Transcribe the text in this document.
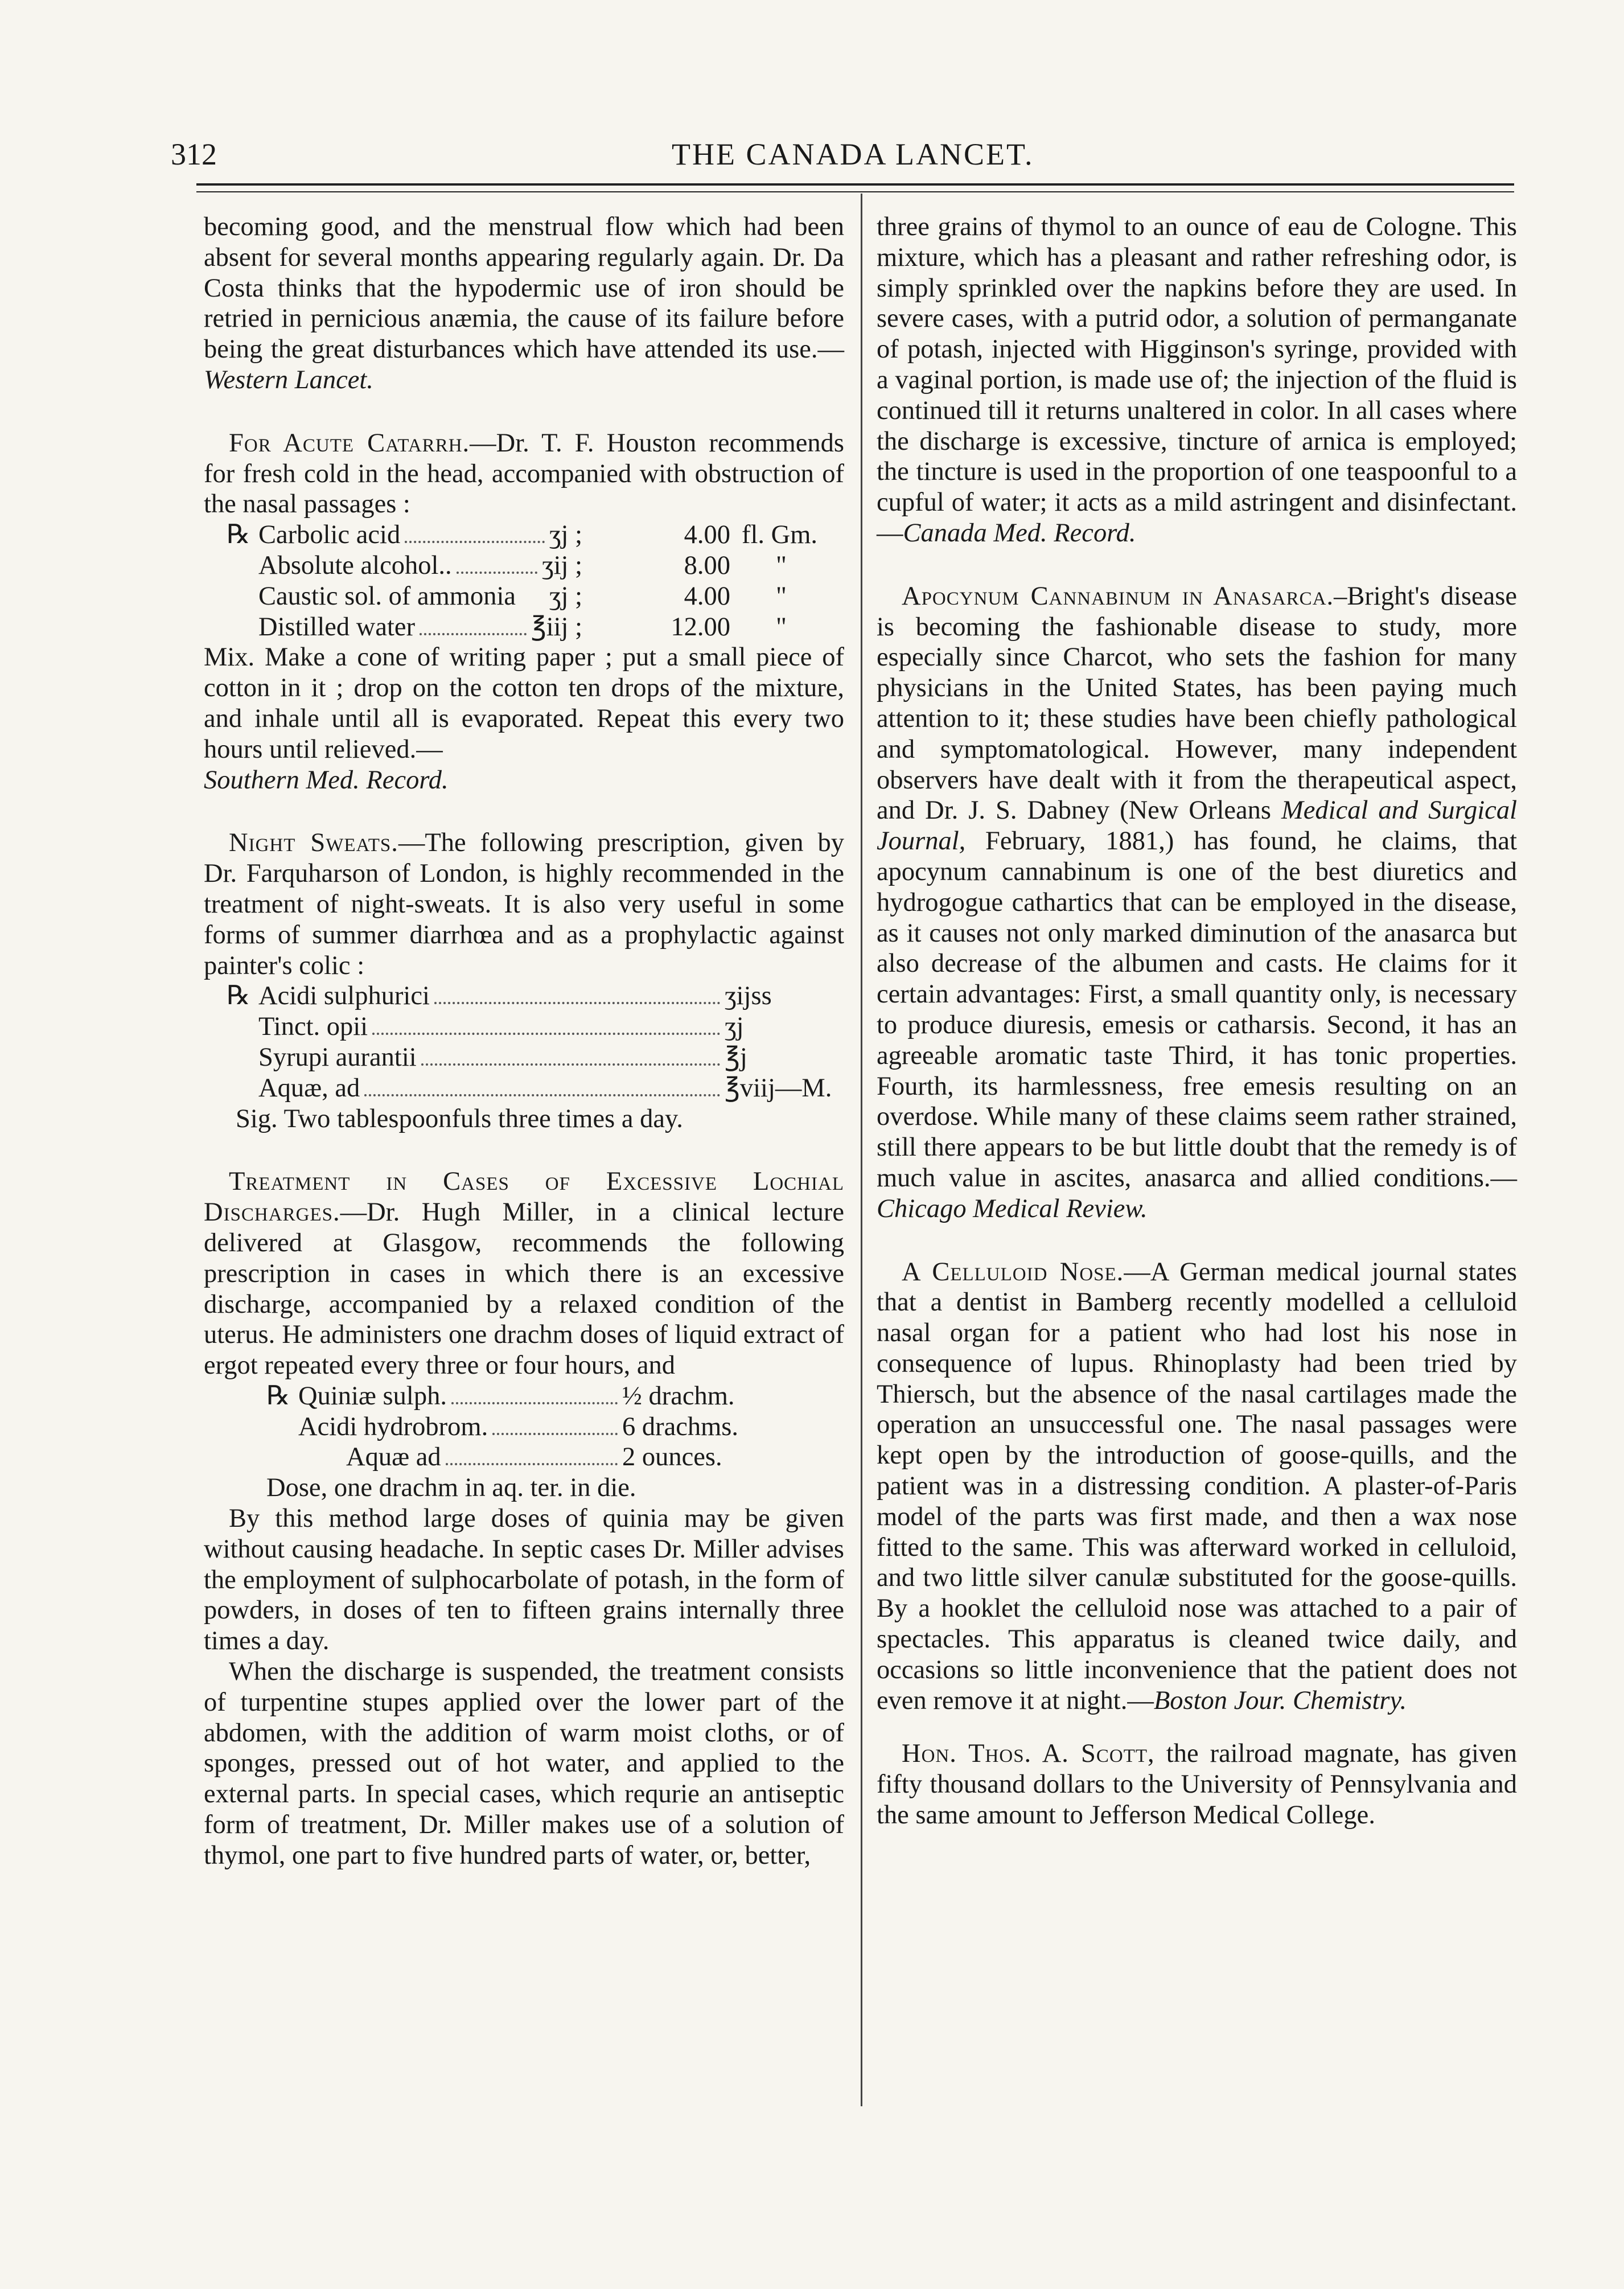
312	THE CANADA LANCET.

becoming good, and the menstrual flow which had been absent for several months appearing regularly again. Dr. Da Costa thinks that the hypodermic use of iron should be retried in pernicious anæmia, the cause of its failure before being the great disturbances which have attended its use.—Western Lancet.

For Acute Catarrh.—Dr. T. F. Houston recommends for fresh cold in the head, accompanied with obstruction of the nasal passages :

℞ Carbolic acid	ʒj ;	4.00 fl. Gm.
Absolute alcohol..	ʒij ;	8.00	"
Caustic sol. of ammonia ʒj ;	4.00	"
Distilled water	℥iij ;	12.00	"

Mix. Make a cone of writing paper ; put a small piece of cotton in it ; drop on the cotton ten drops of the mixture, and inhale until all is evaporated. Repeat this every two hours until relieved.—
Southern Med. Record.

Night Sweats.—The following prescription, given by Dr. Farquharson of London, is highly recommended in the treatment of night-sweats. It is also very useful in some forms of summer diarrhœa and as a prophylactic against painter's colic :

℞ Acidi sulphurici	ʒijss
Tinct. opii	ʒj
Syrupi aurantii	℥j
Aquæ, ad	℥viij—M.

Sig. Two tablespoonfuls three times a day.

Treatment in Cases of Excessive Lochial Discharges.—Dr. Hugh Miller, in a clinical lecture delivered at Glasgow, recommends the following prescription in cases in which there is an excessive discharge, accompanied by a relaxed condition of the uterus. He administers one drachm doses of liquid extract of ergot repeated every three or four hours, and

℞ Quiniæ sulph.	½ drachm.
Acidi hydrobrom.	6 drachms.
Aquæ ad	2 ounces.

Dose, one drachm in aq. ter. in die.

By this method large doses of quinia may be given without causing headache. In septic cases Dr. Miller advises the employment of sulphocarbolate of potash, in the form of powders, in doses of ten to fifteen grains internally three times a day.

When the discharge is suspended, the treatment consists of turpentine stupes applied over the lower part of the abdomen, with the addition of warm moist cloths, or of sponges, pressed out of hot water, and applied to the external parts. In special cases, which requrie an antiseptic form of treatment, Dr. Miller makes use of a solution of thymol, one part to five hundred parts of water, or, better,

three grains of thymol to an ounce of eau de Cologne. This mixture, which has a pleasant and rather refreshing odor, is simply sprinkled over the napkins before they are used. In severe cases, with a putrid odor, a solution of permanganate of potash, injected with Higginson's syringe, provided with a vaginal portion, is made use of; the injection of the fluid is continued till it returns unaltered in color. In all cases where the discharge is excessive, tincture of arnica is employed; the tincture is used in the proportion of one teaspoonful to a cupful of water; it acts as a mild astringent and disinfectant.—Canada Med. Record.

Apocynum Cannabinum in Anasarca.–Bright's disease is becoming the fashionable disease to study, more especially since Charcot, who sets the fashion for many physicians in the United States, has been paying much attention to it; these studies have been chiefly pathological and symptomatological. However, many independent observers have dealt with it from the therapeutical aspect, and Dr. J. S. Dabney (New Orleans Medical and Surgical Journal, February, 1881,) has found, he claims, that apocynum cannabinum is one of the best diuretics and hydrogogue cathartics that can be employed in the disease, as it causes not only marked diminution of the anasarca but also decrease of the albumen and casts. He claims for it certain advantages: First, a small quantity only, is necessary to produce diuresis, emesis or catharsis. Second, it has an agreeable aromatic taste Third, it has tonic properties. Fourth, its harmlessness, free emesis resulting on an overdose. While many of these claims seem rather strained, still there appears to be but little doubt that the remedy is of much value in ascites, anasarca and allied conditions.—Chicago Medical Review.

A Celluloid Nose.—A German medical journal states that a dentist in Bamberg recently modelled a celluloid nasal organ for a patient who had lost his nose in consequence of lupus. Rhinoplasty had been tried by Thiersch, but the absence of the nasal cartilages made the operation an unsuccessful one. The nasal passages were kept open by the introduction of goose-quills, and the patient was in a distressing condition. A plaster-of-Paris model of the parts was first made, and then a wax nose fitted to the same. This was afterward worked in celluloid, and two little silver canulæ substituted for the goose-quills. By a hooklet the celluloid nose was attached to a pair of spectacles. This apparatus is cleaned twice daily, and occasions so little inconvenience that the patient does not even remove it at night.—Boston Jour. Chemistry.

Hon. Thos. A. Scott, the railroad magnate, has given fifty thousand dollars to the University of Pennsylvania and the same amount to Jefferson Medical College.
